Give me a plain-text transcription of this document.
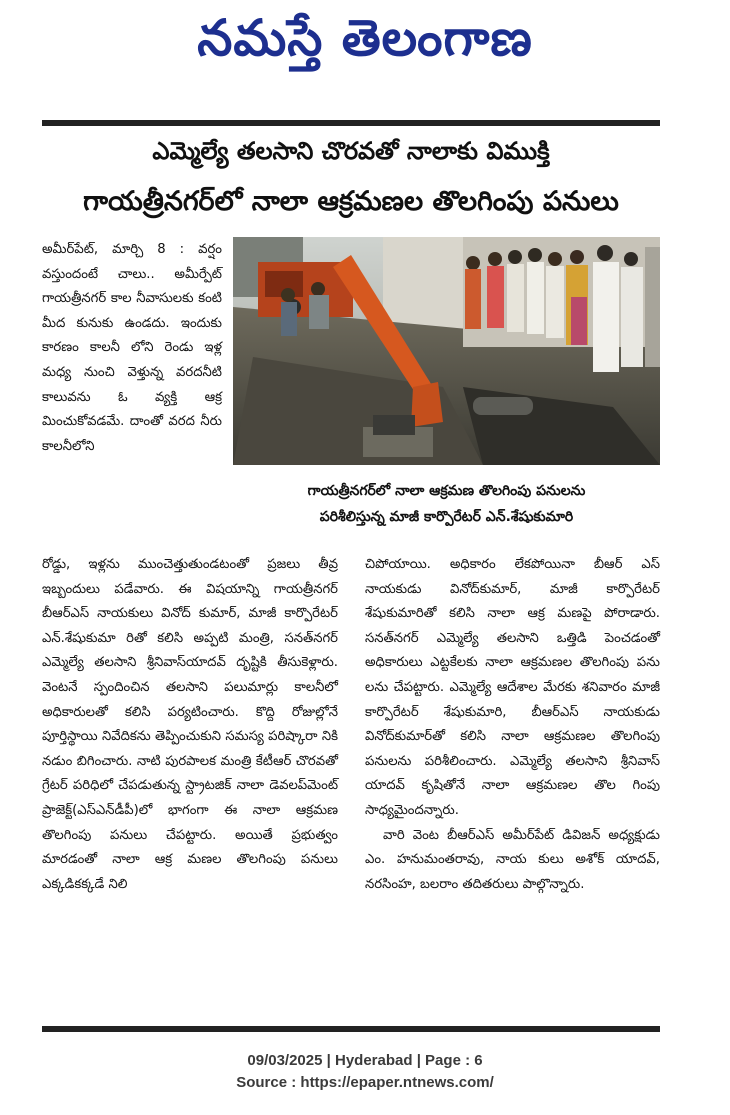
నమస్తే తెలంగాణ
ఎమ్మెల్యే తలసాని చొరవతో నాలాకు విముక్తి
గాయత్రీనగర్‌లో నాలా ఆక్రమణల తొలగింపు పనులు
అమీర్‌పేట్, మార్చి 8 : వర్షం వస్తుందంటే చాలు.. అమీర్పేట్ గాయత్రీనగర్ కాల నీవాసులకు కంటి మీద కునుకు ఉండదు. ఇందుకు కారణం కాలనీ లోని రెండు ఇళ్ల మధ్య నుంచి వెళ్తున్న వరదనీటి కాలువను ఓ వ్యక్తి ఆక్ర మించుకోవడమే. దాంతో వరద నీరు కాలనీలోని
గాయత్రీనగర్‌లో నాలా ఆక్రమణ తొలగింపు పనులను
పరిశీలిస్తున్న మాజీ కార్పొరేటర్ ఎన్.శేషుకుమారి
రోడ్డు, ఇళ్లను ముంచెత్తుతుండటంతో ప్రజలు తీవ్ర ఇబ్బందులు పడేవారు. ఈ విషయాన్ని గాయత్రీనగర్ బీఆర్ఎస్ నాయకులు వినోద్ కుమార్, మాజీ కార్పొరేటర్ ఎన్.శేషుకుమా రితో కలిసి అప్పటి మంత్రి, సనత్‌నగర్ ఎమ్మెల్యే తలసాని శ్రీనివాస్‌యాదవ్ దృష్టికి తీసుకెళ్లారు. వెంటనే స్పందించిన తలసాని పలుమార్లు కాలనీలో అధికారులతో కలిసి పర్యటించారు. కొద్ది రోజుల్లోనే పూర్తిస్థాయి నివేదికను తెప్పించుకుని సమస్య పరిష్కారా నికి నడుం బిగించారు. నాటి పురపాలక మంత్రి కేటీఆర్ చొరవతో గ్రేటర్ పరిధిలో చేపడుతున్న స్ట్రాటజిక్ నాలా డెవలప్‌మెంట్ ప్రాజెక్ట్(ఎస్ఎన్‌డీపీ)లో భాగంగా ఈ నాలా ఆక్రమణ తొలగింపు పనులు చేపట్టారు. అయితే ప్రభుత్వం మారడంతో నాలా ఆక్ర మణల తొలగింపు పనులు ఎక్కడికక్కడే నిలి

చిపోయాయి. అధికారం లేకపోయినా బీఆర్ ఎస్ నాయకుడు వినోద్‌కుమార్, మాజీ కార్పొరేటర్ శేషుకుమారితో కలిసి నాలా ఆక్ర మణపై పోరాడారు. సనత్‌నగర్ ఎమ్మెల్యే తలసాని ఒత్తిడి పెంచడంతో అధికారులు ఎట్టకేలకు నాలా ఆక్రమణల తొలగింపు పను లను చేపట్టారు. ఎమ్మెల్యే ఆదేశాల మేరకు శనివారం మాజీ కార్పొరేటర్ శేషుకుమారి, బీఆర్ఎస్ నాయకుడు వినోద్‌కుమార్‌తో కలిసి నాలా ఆక్రమణల తొలగింపు పనులను పరిశీలించారు. ఎమ్మెల్యే తలసాని శ్రీనివాస్ యాదవ్ కృషితోనే నాలా ఆక్రమణల తొల గింపు సాధ్యమైందన్నారు.

వారి వెంట బీఆర్ఎస్ అమీర్‌పేట్ డివిజన్ అధ్యక్షుడు ఎం. హనుమంతరావు, నాయ కులు అశోక్ యాదవ్, నరసింహ, బలరాం తదితరులు పాల్గొన్నారు.

09/03/2025 | Hyderabad | Page : 6
Source : https://epaper.ntnews.com/
